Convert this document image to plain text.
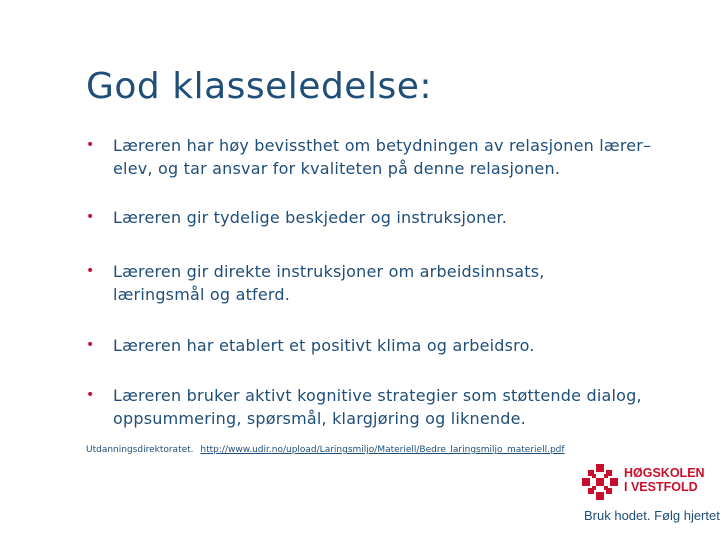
God klasseledelse:
• Læreren har høy bevissthet om betydningen av relasjonen lærer–elev, og tar ansvar for kvaliteten på denne relasjonen.
• Læreren gir tydelige beskjeder og instruksjoner.
• Læreren gir direkte instruksjoner om arbeidsinnsats, læringsmål og atferd.
• Læreren har etablert et positivt klima og arbeidsro.
• Læreren bruker aktivt kognitive strategier som støttende dialog, oppsummering, spørsmål, klargjøring og liknende.
Utdanningsdirektoratet. http://www.udir.no/upload/Laringsmiljo/Materiell/Bedre_laringsmiljo_materiell.pdf
HØGSKOLEN
I VESTFOLD
Bruk hodet. Følg hjertet
